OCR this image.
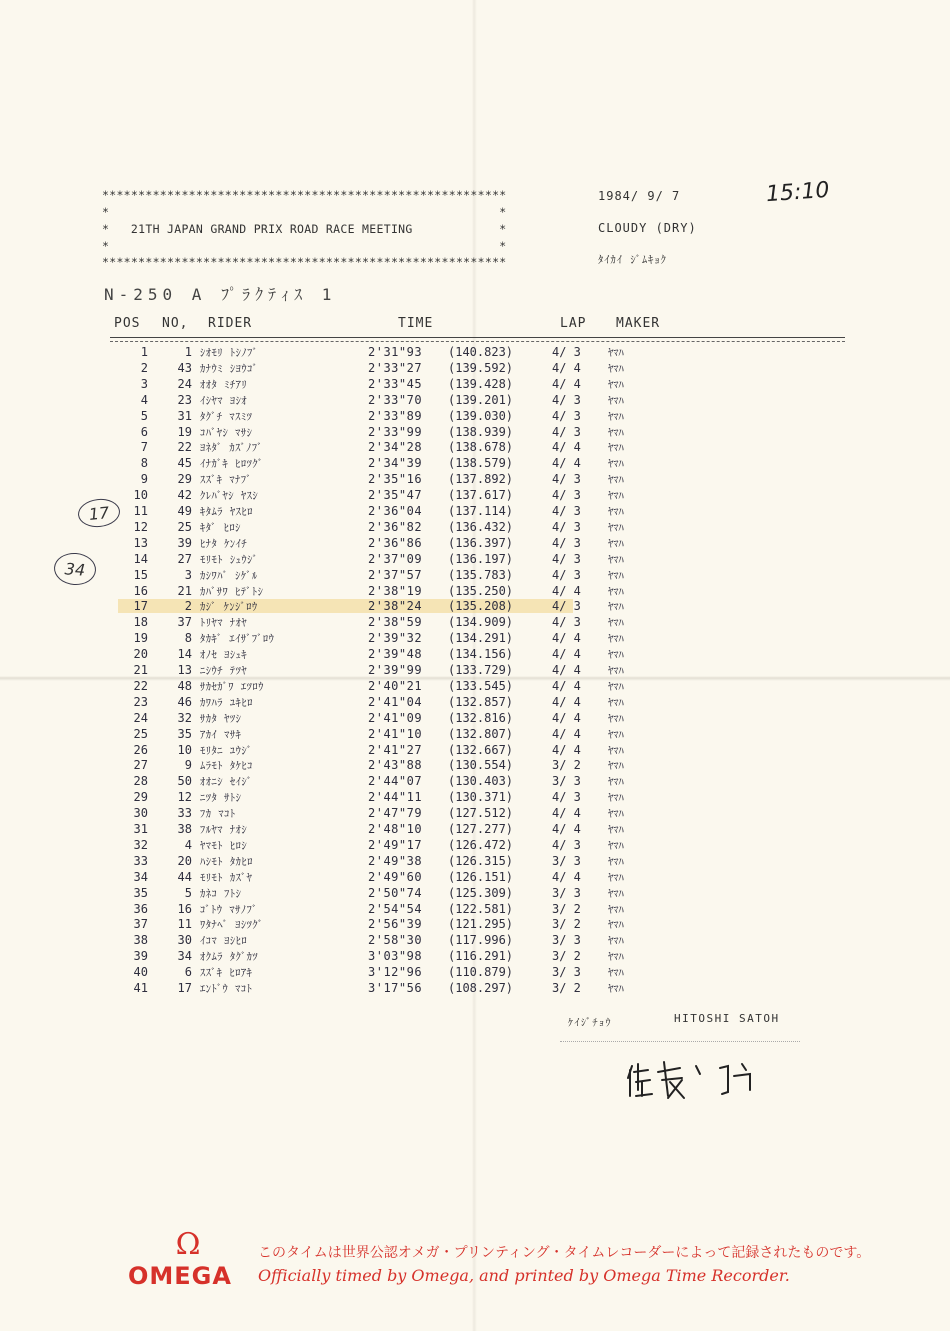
********************************************************
*                                                      *
*   21TH JAPAN GRAND PRIX ROAD RACE MEETING            *
*                                                      *
********************************************************
1984/ 9/ 7
CLOUDY (DRY)
ﾀｲｶｲ ｼﾞﾑｷｮｸ
15:10
N-250 A ﾌﾟﾗｸﾃｨｽ 1
POS NO, RIDER	TIME	LAP MAKER
1	1 ｼｵﾓﾘ ﾄｼﾉﾌﾞ	2'31"93 (140.823)	4/ 3	ﾔﾏﾊ
2	43 ｶﾅｳﾐ ｼﾖｳｺﾞ	2'33"27 (139.592)	4/ 4	ﾔﾏﾊ
3	24 ｵｵﾀ ﾐﾁｱﾘ	2'33"45 (139.428)	4/ 4	ﾔﾏﾊ
4	23 ｲｼﾔﾏ ﾖｼｵ	2'33"70 (139.201)	4/ 3	ﾔﾏﾊ
5	31 ﾀｸﾞﾁ ﾏｽﾐﾂ	2'33"89 (139.030)	4/ 3	ﾔﾏﾊ
6	19 ｺﾊﾞﾔｼ ﾏｻｼ	2'33"99 (138.939)	4/ 3	ﾔﾏﾊ
7	22 ﾖﾈﾀﾞ ｶｽﾞﾉﾌﾞ	2'34"28 (138.678)	4/ 4	ﾔﾏﾊ
8	45 ｲﾅｶﾞｷ ﾋﾛﾂｸﾞ	2'34"39 (138.579)	4/ 4	ﾔﾏﾊ
9	29 ｽｽﾞｷ ﾏﾅﾌﾞ	2'35"16 (137.892)	4/ 3	ﾔﾏﾊ
10	42 ｸﾚﾊﾞﾔｼ ﾔｽｼ	2'35"47 (137.617)	4/ 3	ﾔﾏﾊ
11	49 ｷﾀﾑﾗ ﾔｽﾋﾛ	2'36"04 (137.114)	4/ 3	ﾔﾏﾊ
12	25 ｷﾀﾞ ﾋﾛｼ	2'36"82 (136.432)	4/ 3	ﾔﾏﾊ
13	39 ﾋﾅﾀ ｹﾝｲﾁ	2'36"86 (136.397)	4/ 3	ﾔﾏﾊ
14	27 ﾓﾘﾓﾄ ｼｭｳｼﾞ	2'37"09 (136.197)	4/ 3	ﾔﾏﾊ
15	3 ｶｼﾜﾊﾞ ｼｹﾞﾙ	2'37"57 (135.783)	4/ 3	ﾔﾏﾊ
16	21 ｶﾊﾞｻﾜ ﾋﾃﾞﾄｼ	2'38"19 (135.250)	4/ 4	ﾔﾏﾊ
17	2 ｶｼﾞ ｹﾝｼﾞﾛｳ	2'38"24 (135.208)	4/ 3	ﾔﾏﾊ
18	37 ﾄﾘﾔﾏ ﾅｵﾔ	2'38"59 (134.909)	4/ 3	ﾔﾏﾊ
19	8 ﾀｶｷﾞ ｴｲｻﾞﾌﾞﾛｳ	2'39"32 (134.291)	4/ 4	ﾔﾏﾊ
20	14 ｵﾉｾ ﾖｼｭｷ	2'39"48 (134.156)	4/ 4	ﾔﾏﾊ
21	13 ﾆｼｳﾁ ﾃﾂﾔ	2'39"99 (133.729)	4/ 4	ﾔﾏﾊ
22	48 ｻｶｾｶﾞﾜ ｴﾂﾛｳ	2'40"21 (133.545)	4/ 4	ﾔﾏﾊ
23	46 ｶﾜﾊﾗ ﾕｷﾋﾛ	2'41"04 (132.857)	4/ 4	ﾔﾏﾊ
24	32 ｻｶﾀ ﾔﾂｼ	2'41"09 (132.816)	4/ 4	ﾔﾏﾊ
25	35 ｱｶｲ ﾏｻｷ	2'41"10 (132.807)	4/ 4	ﾔﾏﾊ
26	10 ﾓﾘﾀﾆ ﾕｳｼﾞ	2'41"27 (132.667)	4/ 4	ﾔﾏﾊ
27	9 ﾑﾗﾓﾄ ﾀｹﾋｺ	2'43"88 (130.554)	3/ 2	ﾔﾏﾊ
28	50 ｵｵﾆｼ ｾｲｼﾞ	2'44"07 (130.403)	3/ 3	ﾔﾏﾊ
29	12 ﾆﾂﾀ ｻﾄｼ	2'44"11 (130.371)	4/ 3	ﾔﾏﾊ
30	33 ﾌｶ ﾏｺﾄ	2'47"79 (127.512)	4/ 4	ﾔﾏﾊ
31	38 ﾌﾙﾔﾏ ﾅｵｼ	2'48"10 (127.277)	4/ 4	ﾔﾏﾊ
32	4 ﾔﾏﾓﾄ ﾋﾛｼ	2'49"17 (126.472)	4/ 3	ﾔﾏﾊ
33	20 ﾊｼﾓﾄ ﾀｶﾋﾛ	2'49"38 (126.315)	3/ 3	ﾔﾏﾊ
34	44 ﾓﾘﾓﾄ ｶｽﾞﾔ	2'49"60 (126.151)	4/ 4	ﾔﾏﾊ
35	5 ｶﾈｺ ﾌﾄｼ	2'50"74 (125.309)	3/ 3	ﾔﾏﾊ
36	16 ｺﾞﾄｳ ﾏｻﾉﾌﾞ	2'54"54 (122.581)	3/ 2	ﾔﾏﾊ
37	11 ﾜﾀﾅﾍﾞ ﾖｼﾂｸﾞ	2'56"39 (121.295)	3/ 2	ﾔﾏﾊ
38	30 ｲｺﾏ ﾖｼﾋﾛ	2'58"30 (117.996)	3/ 3	ﾔﾏﾊ
39	34 ｵｸﾑﾗ ﾀｸﾞｶﾂ	3'03"98 (116.291)	3/ 2	ﾔﾏﾊ
40	6 ｽｽﾞｷ ﾋﾛｱｷ	3'12"96 (110.879)	3/ 3	ﾔﾏﾊ
41	17 ｴﾝﾄﾞｳ ﾏｺﾄ	3'17"56 (108.297)	3/ 2	ﾔﾏﾊ
17
34
ｹｲｼﾞﾁｮｳ	HITOSHI SATOH
Ω
OMEGA
このタイムは世界公認オメガ・プリンティング・タイムレコーダーによって記録されたものです。
Officially timed by Omega, and printed by Omega Time Recorder.
